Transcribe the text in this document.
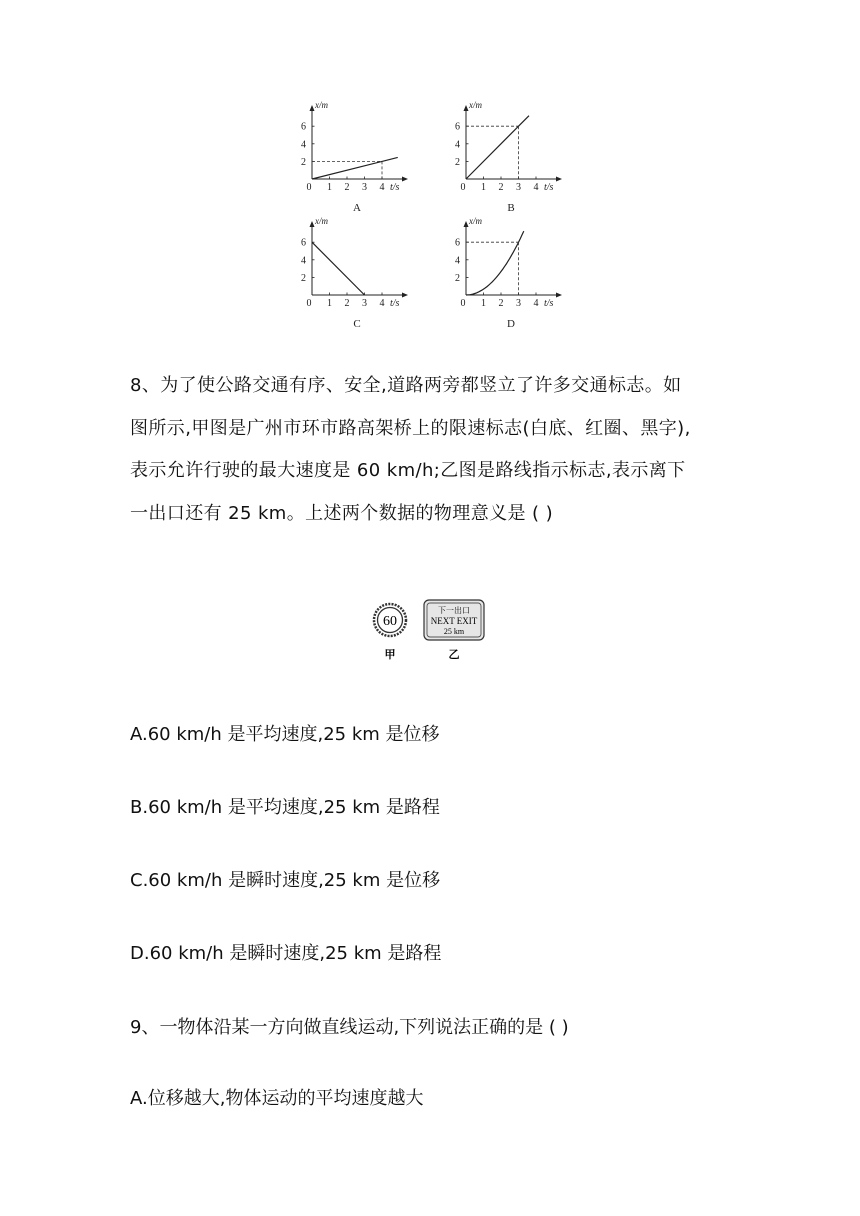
x/m
t/s
0 1 2 3 4
2
4
6
A
x/m
t/s
0 1 2 3 4
2
4
6
B
x/m
t/s
0 1 2 3 4
2
4
6
C
x/m
t/s
0 1 2 3 4
2
4
6
D

8、为了使公路交通有序、安全,道路两旁都竖立了许多交通标志。如

图所示,甲图是广州市环市路高架桥上的限速标志(白底、红圈、黑字),

表示允许行驶的最大速度是 60 km/h;乙图是路线指示标志,表示离下

一出口还有 25 km。上述两个数据的物理意义是 ( )

60
甲
下一出口
NEXT EXIT
25 km
乙
A.60 km/h 是平均速度,25 km 是位移
B.60 km/h 是平均速度,25 km 是路程
C.60 km/h 是瞬时速度,25 km 是位移
D.60 km/h 是瞬时速度,25 km 是路程
9、一物体沿某一方向做直线运动,下列说法正确的是 ( )
A.位移越大,物体运动的平均速度越大
